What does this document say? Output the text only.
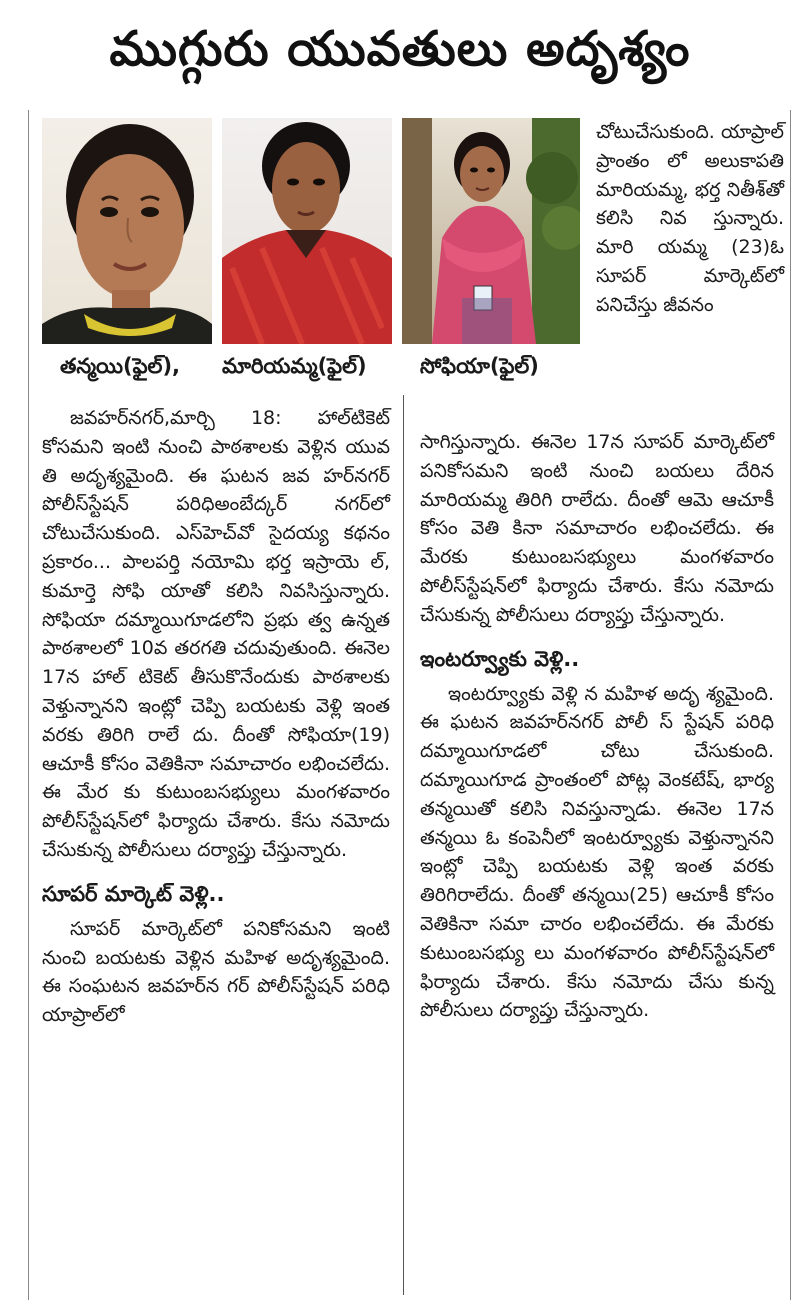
ముగ్గురు యువతులు అదృశ్యం
తన్మయి(ఫైల్), మారియమ్మ(ఫైల్)	సోఫియా(ఫైల్)

చోటుచేసుకుంది. యాప్రాల్ ప్రాంతం లో అలుకాపతి మారియమ్మ, భర్త నితీశ్‌తో కలిసి నివ స్తున్నారు. మారి యమ్మ (23)ఓ సూపర్ మార్కెట్‌లో పనిచేస్తు జీవనం

జవహర్‌నగర్,మార్చి 18: హాల్‌టికెట్ కోసమని ఇంటి నుంచి పాఠశాలకు వెళ్లిన యువ తి అదృశ్యమైంది. ఈ ఘటన జవ హర్‌నగర్ పోలీస్‌స్టేషన్ పరిధిఅంబేద్కర్ నగర్‌లో చోటుచేసుకుంది. ఎస్‌హెచ్‌వో సైదయ్య కథనం ప్రకారం... పాలపర్తి నయోమి భర్త ఇస్రాయె ల్, కుమార్తె సోఫి యాతో కలిసి నివసిస్తున్నారు. సోఫియా దమ్మాయిగూడలోని ప్రభు త్వ ఉన్నత పాఠశాలలో 10వ తరగతి చదువుతుంది. ఈనెల 17న హాల్ టికెట్ తీసుకొనేందుకు పాఠశాలకు వెళ్తున్నానని ఇంట్లో చెప్పి బయటకు వెళ్లి ఇంత వరకు తిరిగి రాలే దు. దీంతో సోఫియా(19) ఆచూకీ కోసం వెతికినా సమాచారం లభించలేదు. ఈ మేర కు కుటుంబసభ్యులు మంగళవారం పోలీస్‌స్టేషన్‌లో ఫిర్యాదు చేశారు. కేసు నమోదు చేసుకున్న పోలీసులు దర్యాప్తు చేస్తున్నారు.

సూపర్ మార్కెట్ వెళ్లి..

సూపర్ మార్కెట్‌లో పనికోసమని ఇంటి నుంచి బయటకు వెళ్లిన మహిళ అదృశ్యమైంది. ఈ సంఘటన జవహర్‌న గర్ పోలీస్‌స్టేషన్ పరిధి యాప్రాల్‌లో

సాగిస్తున్నారు. ఈనెల 17న సూపర్ మార్కెట్‌లో పనికోసమని ఇంటి నుంచి బయలు దేరిన మారియమ్మ తిరిగి రాలేదు. దీంతో ఆమె ఆచూకీ కోసం వెతి కినా సమాచారం లభించలేదు. ఈ మేరకు కుటుంబసభ్యులు మంగళవారం పోలీస్‌స్టేషన్‌లో ఫిర్యాదు చేశారు. కేసు నమోదు చేసుకున్న పోలీసులు దర్యాప్తు చేస్తున్నారు.

ఇంటర్వ్యూకు వెళ్లి..

ఇంటర్వ్యూకు వెళ్లి న మహిళ అదృ శ్యమైంది. ఈ ఘటన జవహర్‌నగర్ పోలీ స్ స్టేషన్ పరిధి దమ్మాయిగూడలో చోటు చేసుకుంది. దమ్మాయిగూడ ప్రాంతంలో పోట్ల వెంకటేష్, భార్య తన్మయితో కలిసి నివస్తున్నాడు. ఈనెల 17న తన్మయి ఓ కంపెనీలో ఇంటర్వ్యూకు వెళ్తున్నానని ఇంట్లో చెప్పి బయటకు వెళ్లి ఇంత వరకు తిరిగిరాలేదు. దీంతో తన్మయి(25) ఆచూకీ కోసం వెతికినా సమా చారం లభించలేదు. ఈ మేరకు కుటుంబసభ్యు లు మంగళవారం పోలీస్‌స్టేషన్‌లో ఫిర్యాదు చేశారు. కేసు నమోదు చేసు కున్న పోలీసులు దర్యాప్తు చేస్తున్నారు.
